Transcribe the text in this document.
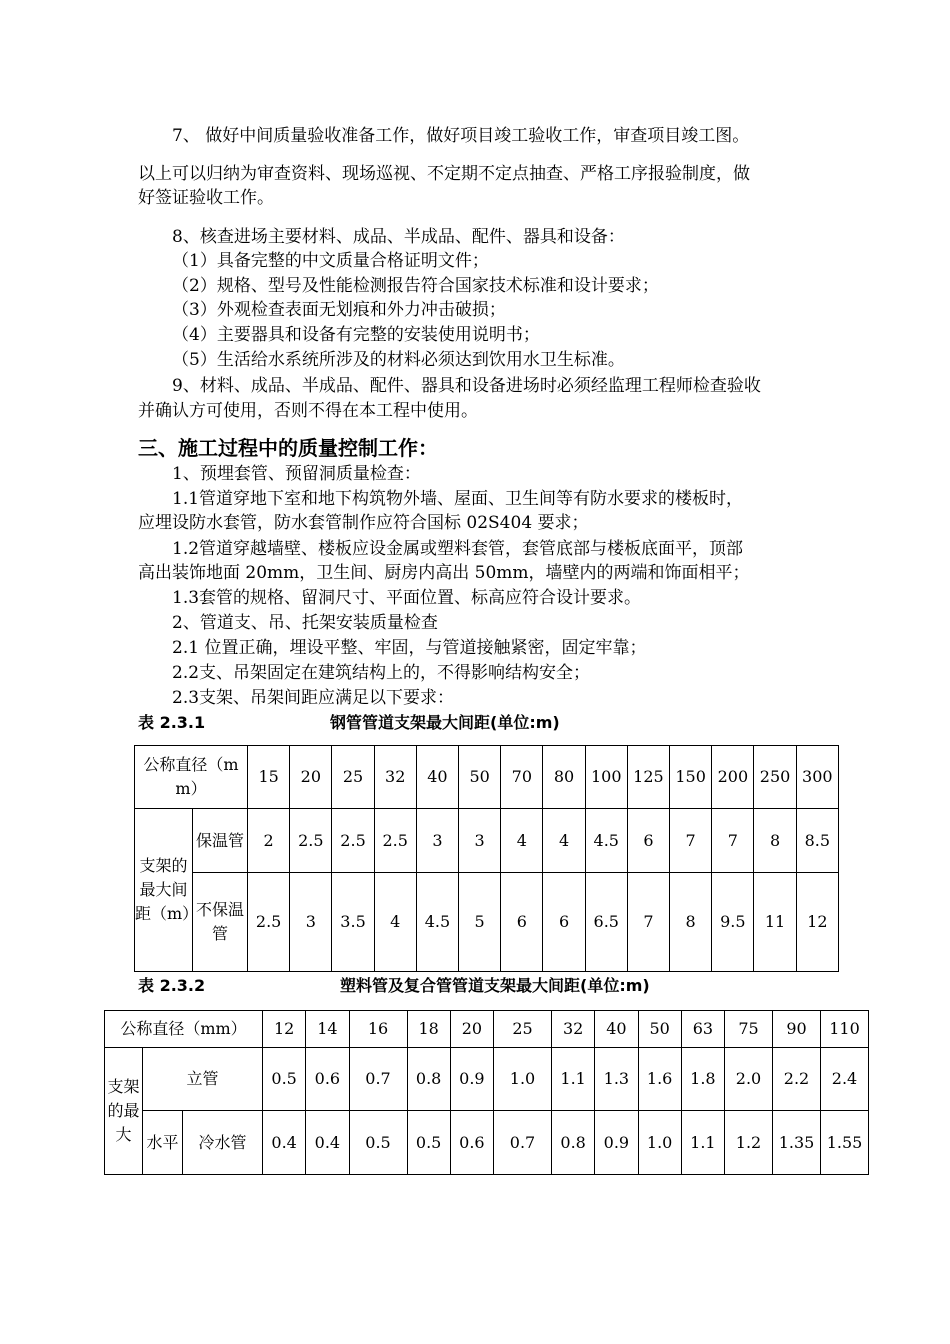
7、 做好中间质量验收准备工作，做好项目竣工验收工作，审查项目竣工图。
以上可以归纳为审查资料、现场巡视、不定期不定点抽查、严格工序报验制度，做
好签证验收工作。
8、核查进场主要材料、成品、半成品、配件、器具和设备：
（1）具备完整的中文质量合格证明文件；
（2）规格、型号及性能检测报告符合国家技术标准和设计要求；
（3）外观检查表面无划痕和外力冲击破损；
（4）主要器具和设备有完整的安装使用说明书；
（5）生活给水系统所涉及的材料必须达到饮用水卫生标准。
9、材料、成品、半成品、配件、器具和设备进场时必须经监理工程师检查验收
并确认方可使用，否则不得在本工程中使用。
三、施工过程中的质量控制工作：
1、预埋套管、预留洞质量检查：
1.1管道穿地下室和地下构筑物外墙、屋面、卫生间等有防水要求的楼板时，
应埋设防水套管，防水套管制作应符合国标 02S404 要求；
1.2管道穿越墙壁、楼板应设金属或塑料套管，套管底部与楼板底面平，顶部
高出装饰地面 20mm，卫生间、厨房内高出 50mm，墙壁内的两端和饰面相平；
1.3套管的规格、留洞尺寸、平面位置、标高应符合设计要求。
2、管道支、吊、托架安装质量检查
2.1 位置正确，埋设平整、牢固，与管道接触紧密，固定牢靠；
2.2支、吊架固定在建筑结构上的，不得影响结构安全；
2.3支架、吊架间距应满足以下要求：
表 2.3.1	钢管管道支架最大间距(单位:m)
公称直径（mm）		15	20	25	32	40	50	70	80	100	125	150	200	250	300
支架的最大间距（m）	保温管	2	2.5	2.5	2.5	3	3	4	4	4.5	6	7	7	8	8.5
	不保温管	2.5	3	3.5	4	4.5	5	6	6	6.5	7	8	9.5	11	12
表 2.3.2	塑料管及复合管管道支架最大间距(单位:m)
公称直径（mm）			12	14	16	18	20	25	32	40	50	63	75	90	110
支架的最大	立管		0.5	0.6	0.7	0.8	0.9	1.0	1.1	1.3	1.6	1.8	2.0	2.2	2.4
	水平	冷水管	0.4	0.4	0.5	0.5	0.6	0.7	0.8	0.9	1.0	1.1	1.2	1.35	1.55
